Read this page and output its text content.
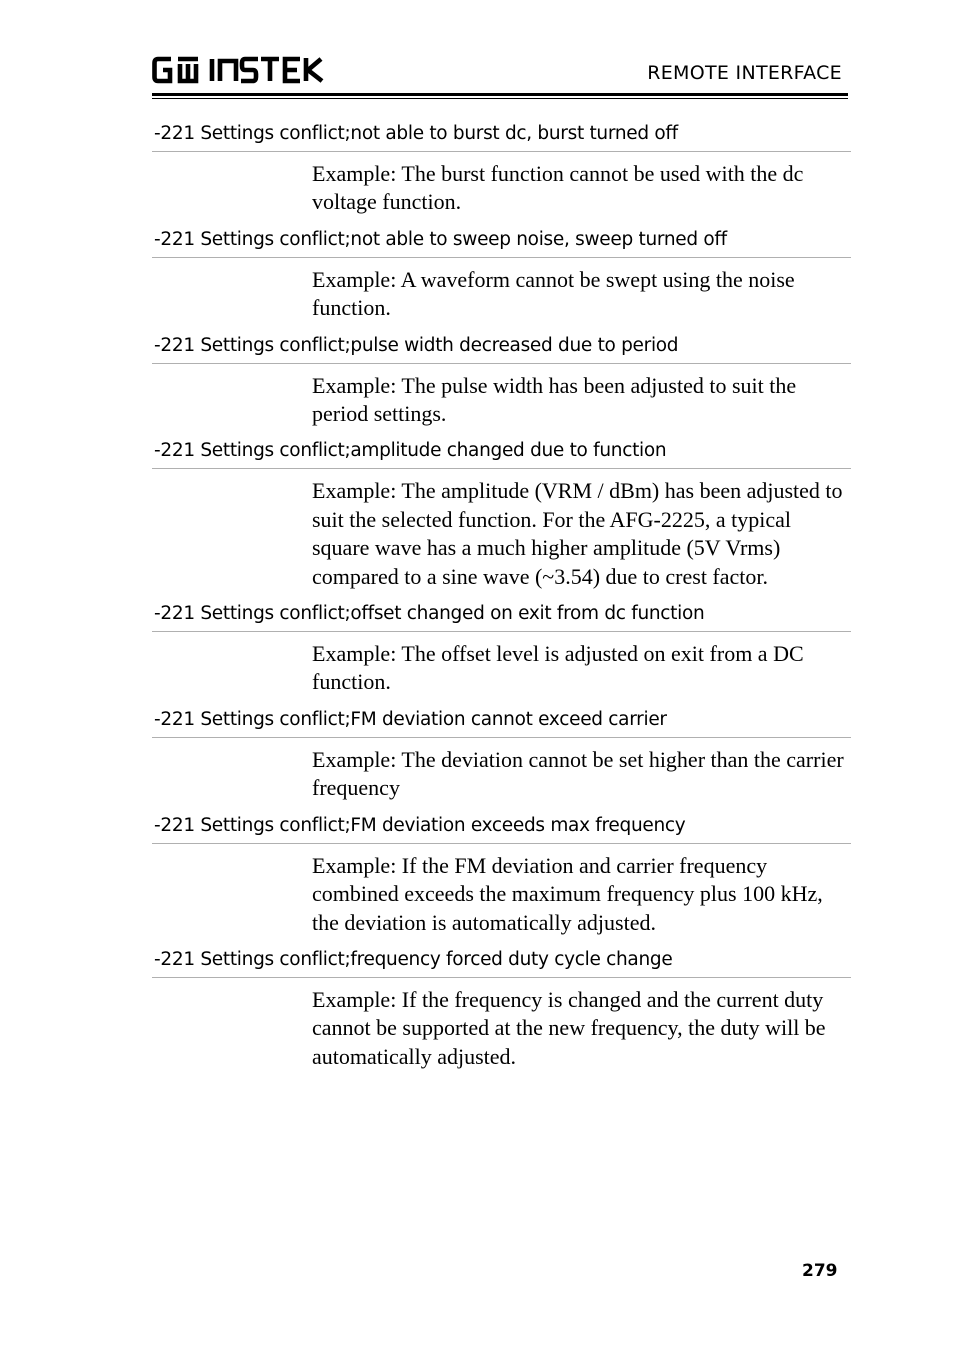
REMOTE INTERFACE
-221 Settings conflict;not able to burst dc, burst turned off
Example: The burst function cannot be used with the dc voltage function.
-221 Settings conflict;not able to sweep noise, sweep turned off
Example: A waveform cannot be swept using the noise function.
-221 Settings conflict;pulse width decreased due to period
Example: The pulse width has been adjusted to suit the period settings.
-221 Settings conflict;amplitude changed due to function
Example: The amplitude (VRM / dBm) has been adjusted to suit the selected function. For the AFG-2225, a typical square wave has a much higher amplitude (5V Vrms) compared to a sine wave (~3.54) due to crest factor.
-221 Settings conflict;offset changed on exit from dc function
Example: The offset level is adjusted on exit from a DC function.
-221 Settings conflict;FM deviation cannot exceed carrier
Example: The deviation cannot be set higher than the carrier frequency
-221 Settings conflict;FM deviation exceeds max frequency
Example: If the FM deviation and carrier frequency combined exceeds the maximum frequency plus 100 kHz, the deviation is automatically adjusted.
-221 Settings conflict;frequency forced duty cycle change
Example: If the frequency is changed and the current duty cannot be supported at the new frequency, the duty will be automatically adjusted.
279
